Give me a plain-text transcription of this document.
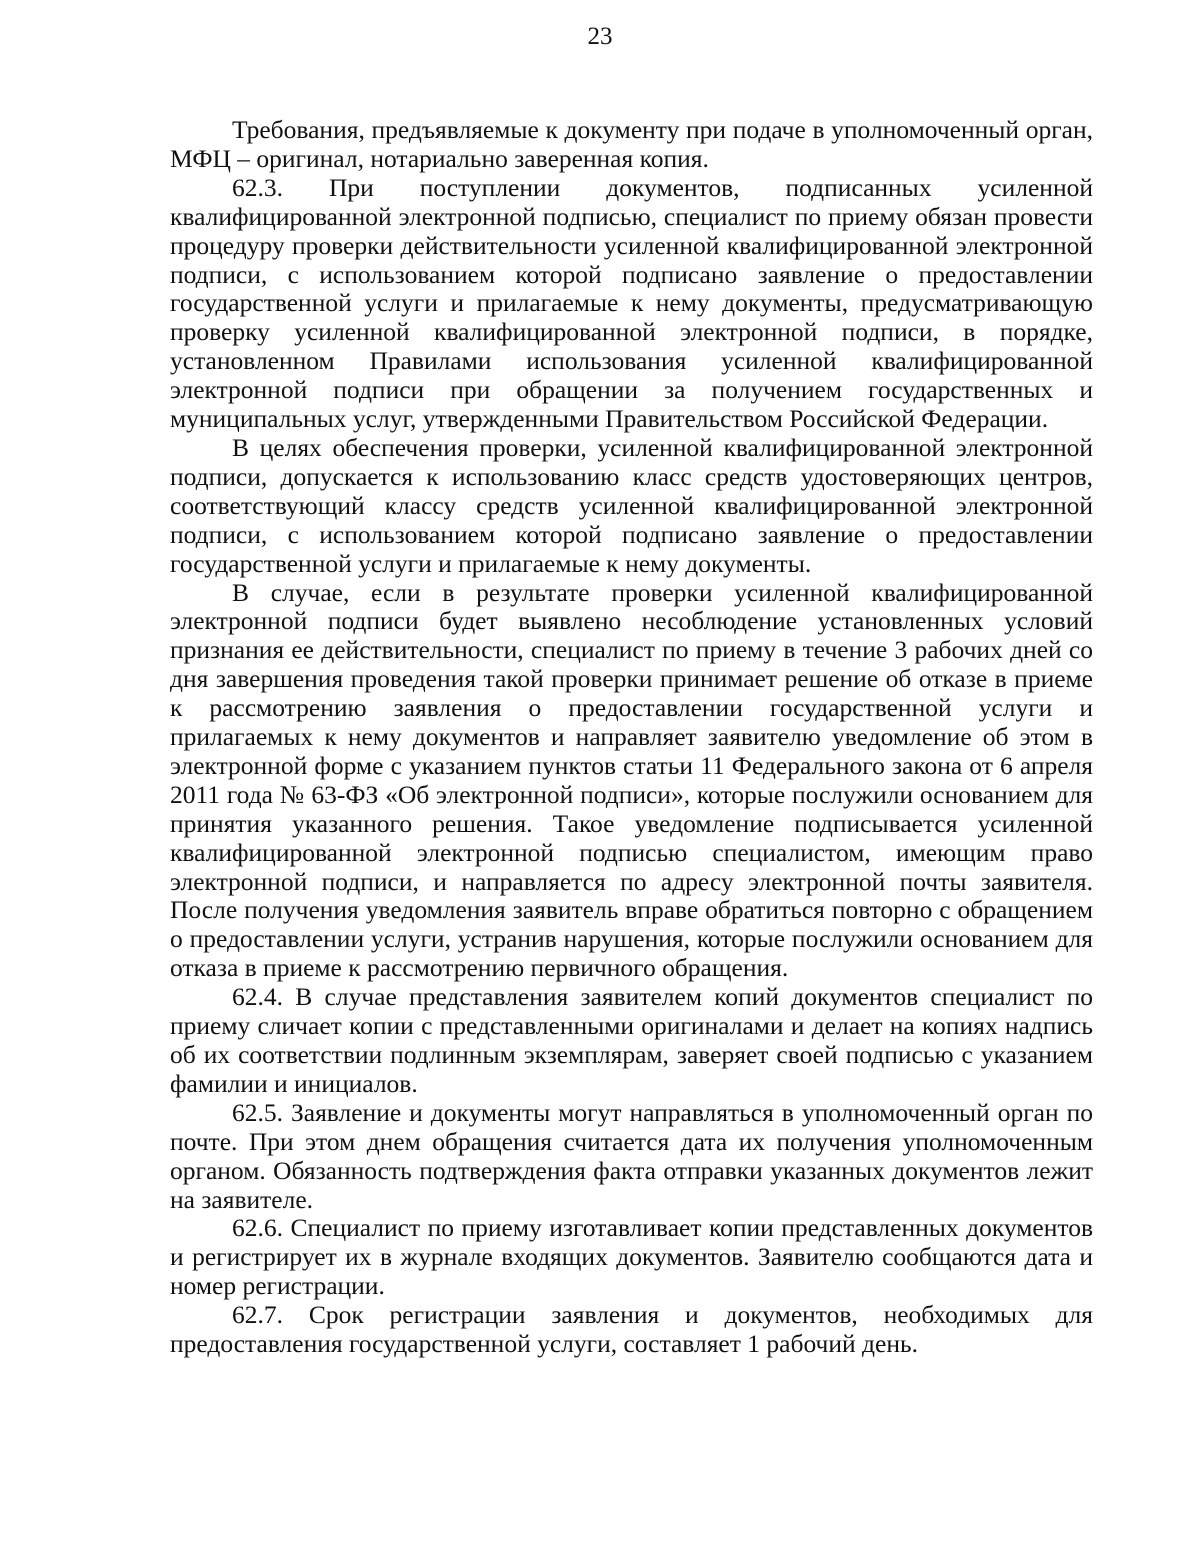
23

Требования, предъявляемые к документу при подаче в уполномоченный орган, МФЦ – оригинал, нотариально заверенная копия.

62.3. При поступлении документов, подписанных усиленной квалифицированной электронной подписью, специалист по приему обязан провести процедуру проверки действительности усиленной квалифицированной электронной подписи, с использованием которой подписано заявление о предоставлении государственной услуги и прилагаемые к нему документы, предусматривающую проверку усиленной квалифицированной электронной подписи, в порядке, установленном Правилами использования усиленной квалифицированной электронной подписи при обращении за получением государственных и муниципальных услуг, утвержденными Правительством Российской Федерации.

В целях обеспечения проверки, усиленной квалифицированной электронной подписи, допускается к использованию класс средств удостоверяющих центров, соответствующий классу средств усиленной квалифицированной электронной подписи, с использованием которой подписано заявление о предоставлении государственной услуги и прилагаемые к нему документы.

В случае, если в результате проверки усиленной квалифицированной электронной подписи будет выявлено несоблюдение установленных условий признания ее действительности, специалист по приему в течение 3 рабочих дней со дня завершения проведения такой проверки принимает решение об отказе в приеме к рассмотрению заявления о предоставлении государственной услуги и прилагаемых к нему документов и направляет заявителю уведомление об этом в электронной форме с указанием пунктов статьи 11 Федерального закона от 6 апреля 2011 года № 63-ФЗ «Об электронной подписи», которые послужили основанием для принятия указанного решения. Такое уведомление подписывается усиленной квалифицированной электронной подписью специалистом, имеющим право электронной подписи, и направляется по адресу электронной почты заявителя. После получения уведомления заявитель вправе обратиться повторно с обращением о предоставлении услуги, устранив нарушения, которые послужили основанием для отказа в приеме к рассмотрению первичного обращения.

62.4. В случае представления заявителем копий документов специалист по приему сличает копии с представленными оригиналами и делает на копиях надпись об их соответствии подлинным экземплярам, заверяет своей подписью с указанием фамилии и инициалов.

62.5. Заявление и документы могут направляться в уполномоченный орган по почте. При этом днем обращения считается дата их получения уполномоченным органом. Обязанность подтверждения факта отправки указанных документов лежит на заявителе.

62.6. Специалист по приему изготавливает копии представленных документов и регистрирует их в журнале входящих документов. Заявителю сообщаются дата и номер регистрации.

62.7. Срок регистрации заявления и документов, необходимых для предоставления государственной услуги, составляет 1 рабочий день.
